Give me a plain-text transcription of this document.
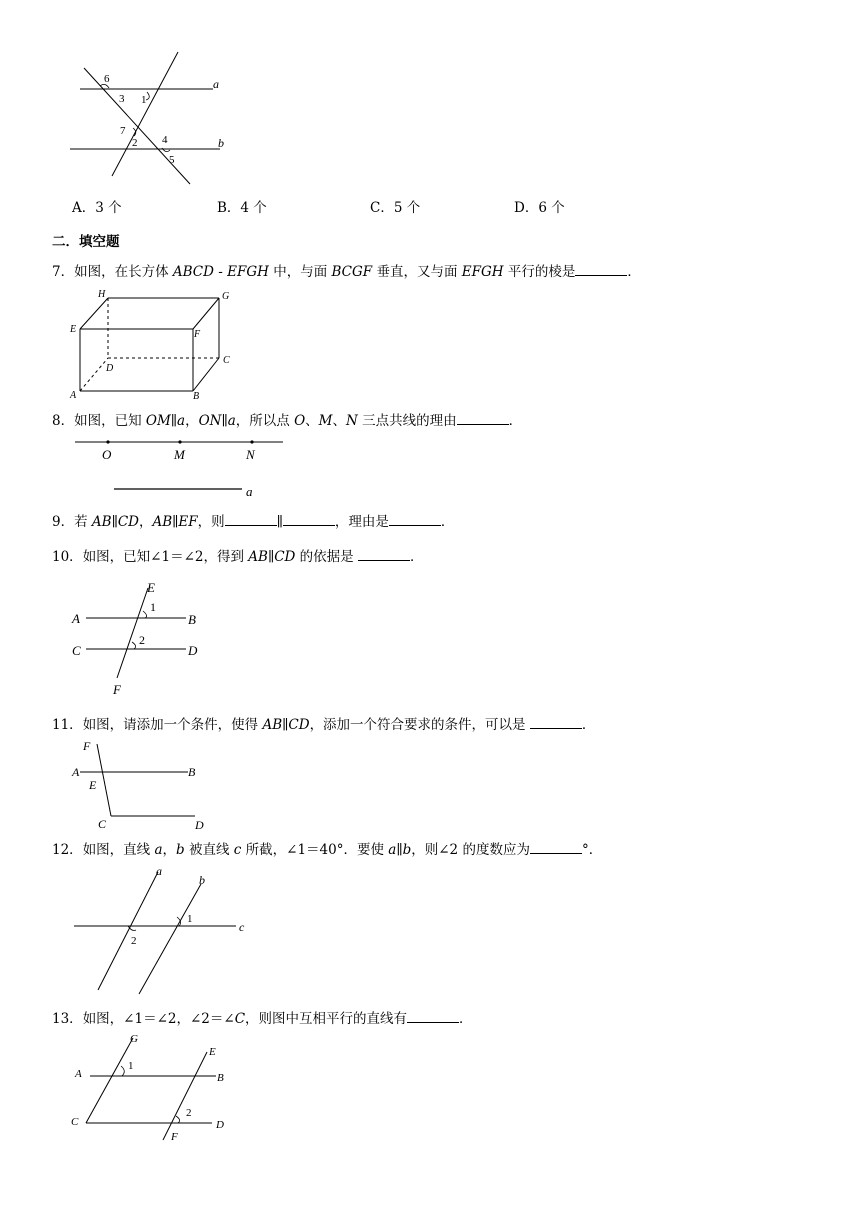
6
3 1
7
2 4
5
a
b
A．3 个	B．4 个	C．5 个	D．6 个
二．填空题
7．如图，在长方体 ABCD - EFGH 中，与面 BCGF 垂直，又与面 EFGH 平行的棱是	．
H	G
E	F
D
C
A	B
8．如图，已知 OM∥a，ON∥a，所以点 O、M、N 三点共线的理由	．
O	M	N
a
9．若 AB∥CD，AB∥EF，则	∥	，理由是	．
10．如图，已知∠1＝∠2，得到 AB∥CD 的依据是	．
E
A	B
1
C	D
2
F
11．如图，请添加一个条件，使得 AB∥CD，添加一个符合要求的条件，可以是	．
F
A	B
E
C	D
12．如图，直线 a，b 被直线 c 所截，∠1＝40°．要使 a∥b，则∠2 的度数应为	°．
a
b
c
1
2
13．如图，∠1＝∠2，∠2＝∠C，则图中互相平行的直线有	．
G
E
A	B
1
2
C	D
F
